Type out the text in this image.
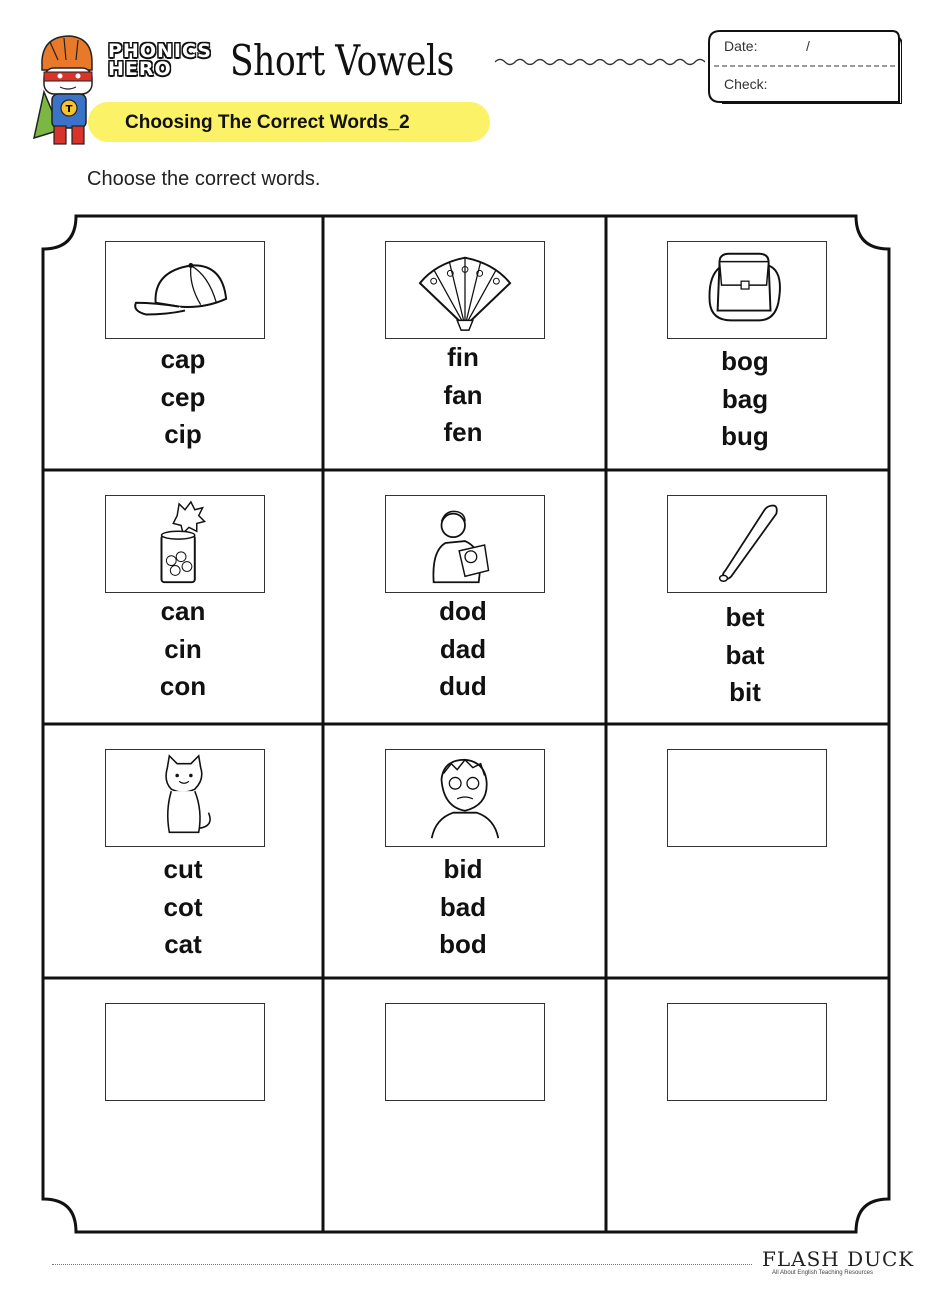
T
PHONICS
HERO	Short Vowels
Choosing The Correct Words_2
Date:	/
Check:
Choose the correct words.
cap
cep
cip
fin
fan
fen
bog
bag
bug
can
cin
con
dod
dad
dud
bet
bat
bit
cut
cot
cat
bid
bad
bod
FLASH DUCK
All About English Teaching Resources
